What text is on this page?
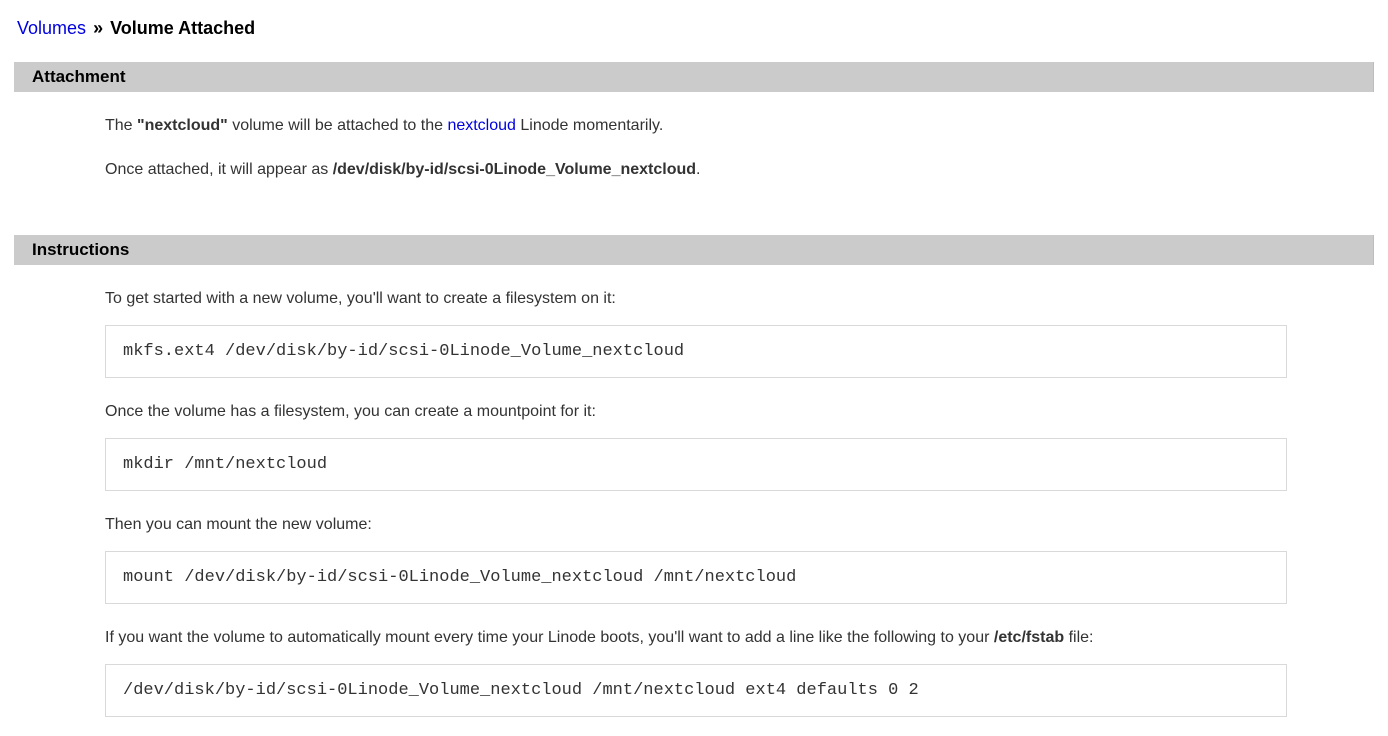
Volumes » Volume Attached
Attachment

The "nextcloud" volume will be attached to the nextcloud Linode momentarily.

Once attached, it will appear as /dev/disk/by-id/scsi-0Linode_Volume_nextcloud.

Instructions

To get started with a new volume, you'll want to create a filesystem on it:

mkfs.ext4 /dev/disk/by-id/scsi-0Linode_Volume_nextcloud

Once the volume has a filesystem, you can create a mountpoint for it:

mkdir /mnt/nextcloud

Then you can mount the new volume:

mount /dev/disk/by-id/scsi-0Linode_Volume_nextcloud /mnt/nextcloud

If you want the volume to automatically mount every time your Linode boots, you'll want to add a line like the following to your /etc/fstab file:

/dev/disk/by-id/scsi-0Linode_Volume_nextcloud /mnt/nextcloud ext4 defaults 0 2
